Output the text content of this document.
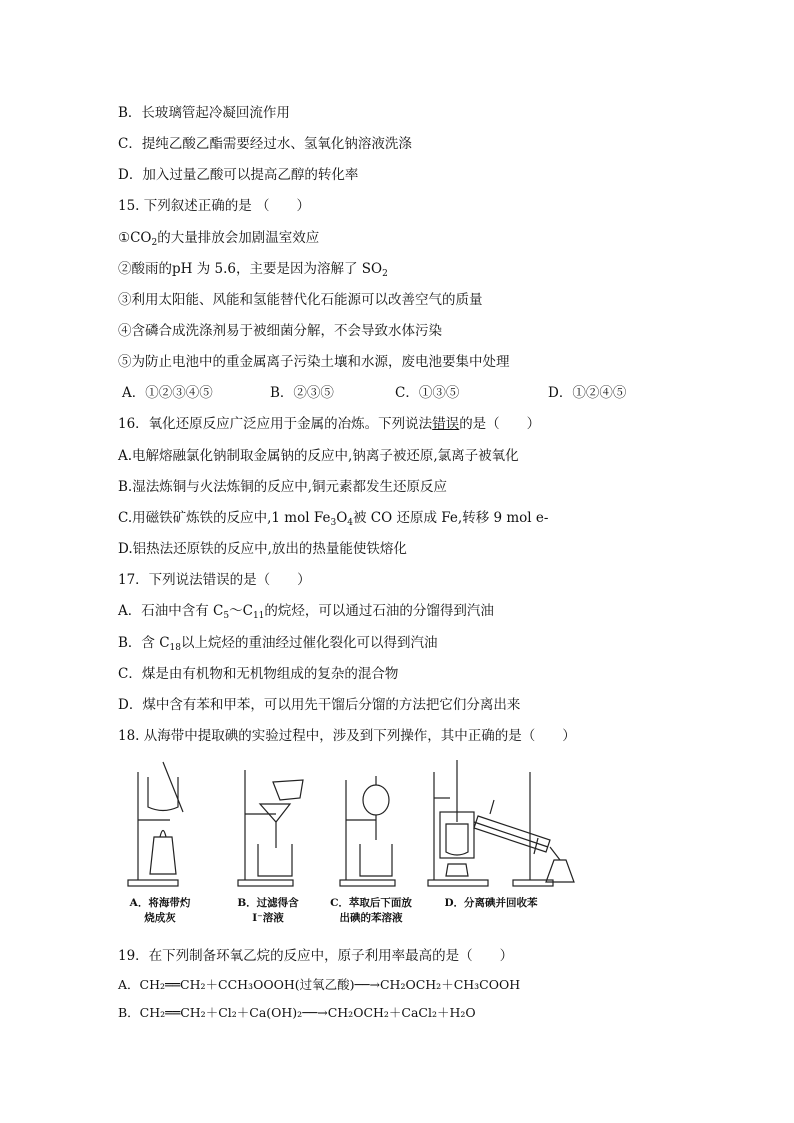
B．长玻璃管起冷凝回流作用
C．提纯乙酸乙酯需要经过水、氢氧化钠溶液洗涤
D．加入过量乙酸可以提高乙醇的转化率
15. 下列叙述正确的是 （　　）
$①CO_2$的大量排放会加剧温室效应
②酸雨的pH 为 5.6，主要是因为溶解了 $SO_2$
③利用太阳能、风能和氢能替代化石能源可以改善空气的质量
④含磷合成洗涤剂易于被细菌分解，不会导致水体污染
⑤为防止电池中的重金属离子污染土壤和水源，废电池要集中处理
A．①②③④⑤	B．②③⑤	C．①③⑤	D．①②④⑤
16．氧化还原反应广泛应用于金属的冶炼。下列说法错误的是（　　）
A.电解熔融氯化钠制取金属钠的反应中,钠离子被还原,氯离子被氧化
B.湿法炼铜与火法炼铜的反应中,铜元素都发生还原反应
C.用磁铁矿炼铁的反应中,1 mol $Fe_3O_4$被 CO 还原成 Fe,转移 9 mol e-
D.铝热法还原铁的反应中,放出的热量能使铁熔化
17．下列说法错误的是（　　）
A．石油中含有 $C_5\sim C_{11}$的烷烃，可以通过石油的分馏得到汽油
B．含 $C_{18}$以上烷烃的重油经过催化裂化可以得到汽油
C．煤是由有机物和无机物组成的复杂的混合物
D．煤中含有苯和甲苯，可以用先干馏后分馏的方法把它们分离出来
18. 从海带中提取碘的实验过程中，涉及到下列操作，其中正确的是（　　）
A．将海带灼
烧成灰
B．过滤得含
I⁻溶液
C．萃取后下面放
出碘的苯溶液
D．分离碘并回收苯
19．在下列制备环氧乙烷的反应中，原子利用率最高的是（　　）
A．CH₂══CH₂＋CCH₃OOOH(过氧乙酸)──→CH₂OCH₂＋CH₃COOH
B．CH₂══CH₂＋Cl₂＋Ca(OH)₂──→CH₂OCH₂＋CaCl₂＋H₂O
